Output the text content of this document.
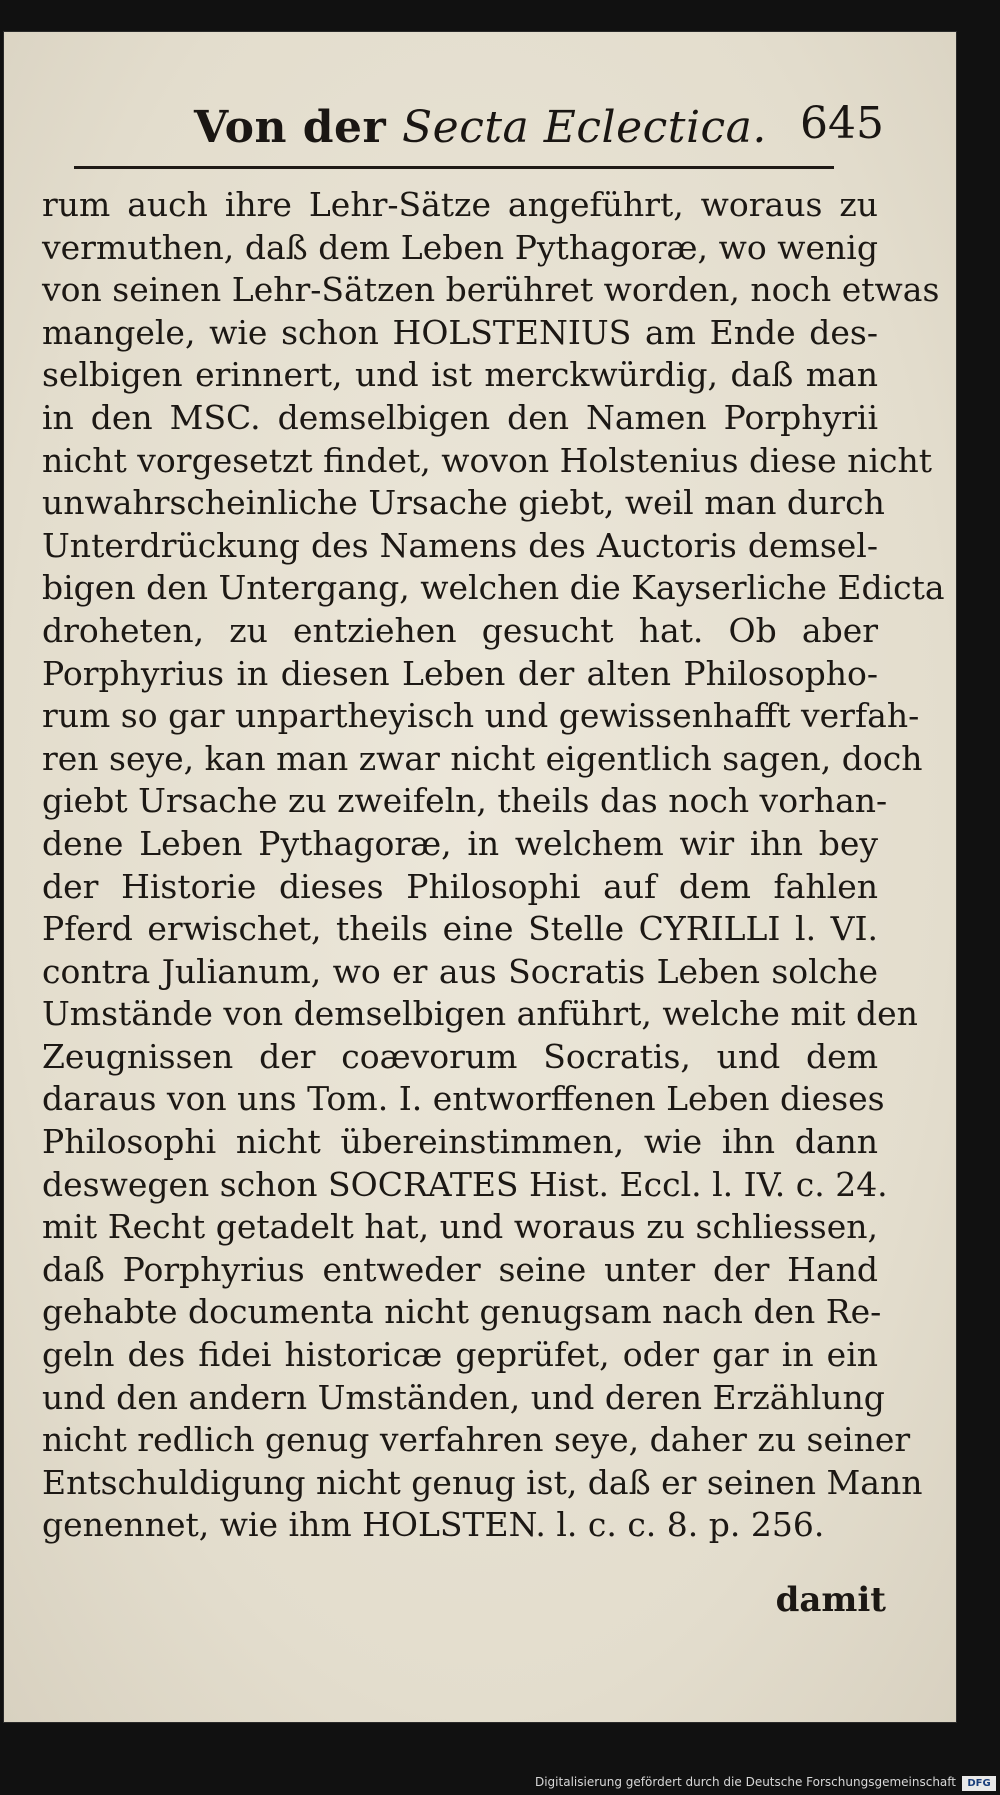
Von der Secta Eclectica. 645
rum auch ihre Lehr-Sätze angeführt, woraus zu
vermuthen, daß dem Leben Pythagoræ, wo wenig
von seinen Lehr-Sätzen berühret worden, noch etwas
mangele, wie schon HOLSTENIUS am Ende des-
selbigen erinnert, und ist merckwürdig, daß man
in den MSC. demselbigen den Namen Porphyrii
nicht vorgesetzt findet, wovon Holstenius diese nicht
unwahrscheinliche Ursache giebt, weil man durch
Unterdrückung des Namens des Auctoris demsel-
bigen den Untergang, welchen die Kayserliche Edicta
droheten, zu entziehen gesucht hat. Ob aber
Porphyrius in diesen Leben der alten Philosopho-
rum so gar unpartheyisch und gewissenhafft verfah-
ren seye, kan man zwar nicht eigentlich sagen, doch
giebt Ursache zu zweifeln, theils das noch vorhan-
dene Leben Pythagoræ, in welchem wir ihn bey
der Historie dieses Philosophi auf dem fahlen
Pferd erwischet, theils eine Stelle CYRILLI l. VI.
contra Julianum, wo er aus Socratis Leben solche
Umstände von demselbigen anführt, welche mit den
Zeugnissen der coævorum Socratis, und dem
daraus von uns Tom. I. entworffenen Leben dieses
Philosophi nicht übereinstimmen, wie ihn dann
deswegen schon SOCRATES Hist. Eccl. l. IV. c. 24.
mit Recht getadelt hat, und woraus zu schliessen,
daß Porphyrius entweder seine unter der Hand
gehabte documenta nicht genugsam nach den Re-
geln des fidei historicæ geprüfet, oder gar in ein
und den andern Umständen, und deren Erzählung
nicht redlich genug verfahren seye, daher zu seiner
Entschuldigung nicht genug ist, daß er seinen Mann
genennet, wie ihm HOLSTEN. l. c. c. 8. p. 256.
damit
Digitalisierung gefördert durch die Deutsche Forschungsgemeinschaft	DFG
